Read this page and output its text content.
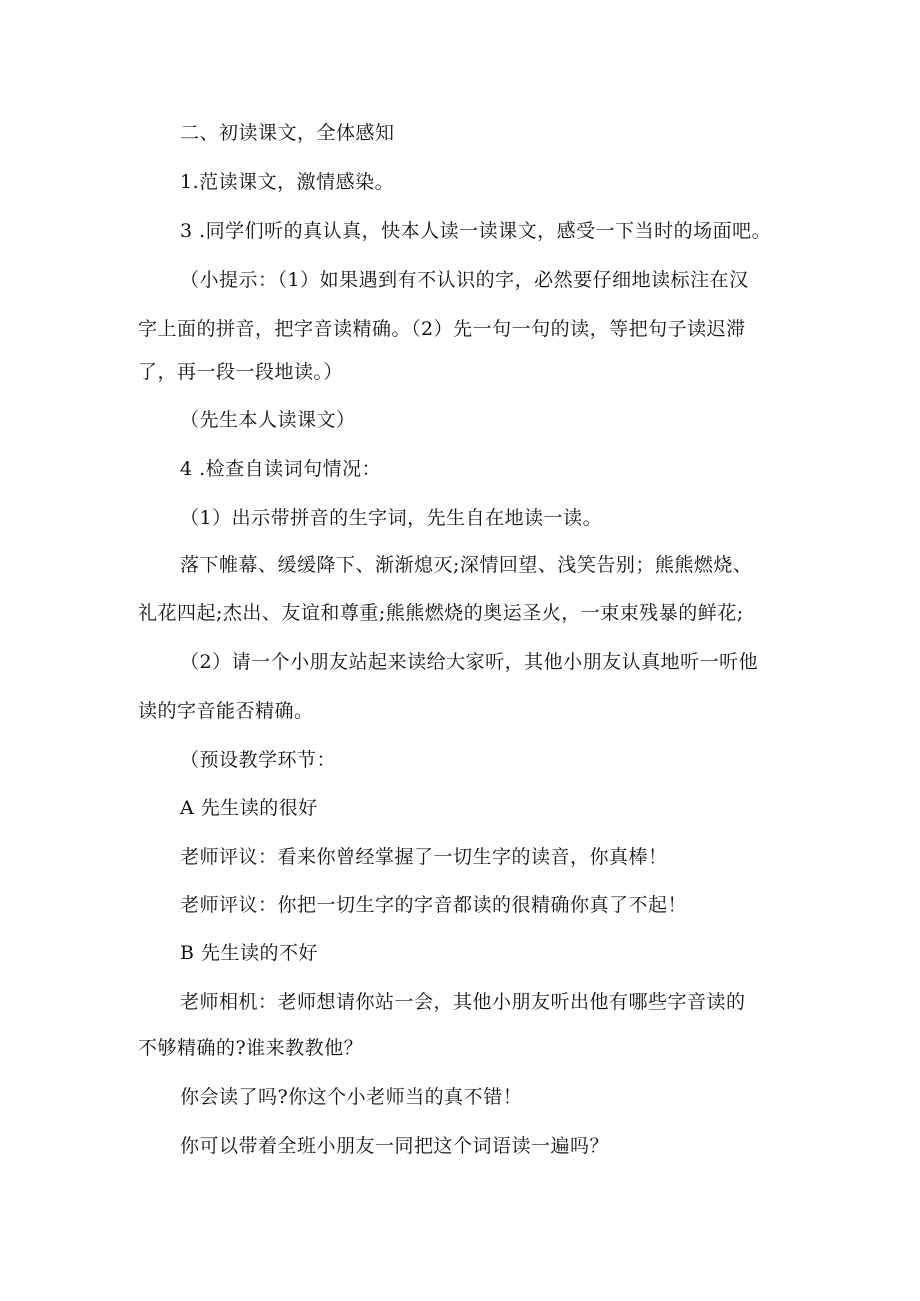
二、初读课文，全体感知
1.范读课文，激情感染。
3 .同学们听的真认真，快本人读一读课文，感受一下当时的场面吧。
（小提示：（1）如果遇到有不认识的字，必然要仔细地读标注在汉
字上面的拼音，把字音读精确。（2）先一句一句的读，等把句子读迟滞
了，再一段一段地读。）
（先生本人读课文）
4 .检查自读词句情况：
（1）出示带拼音的生字词，先生自在地读一读。
落下帷幕、缓缓降下、渐渐熄灭;深情回望、浅笑告别；熊熊燃烧、
礼花四起;杰出、友谊和尊重;熊熊燃烧的奥运圣火，一束束残暴的鲜花;
（2）请一个小朋友站起来读给大家听，其他小朋友认真地听一听他
读的字音能否精确。
（预设教学环节：
A 先生读的很好
老师评议：看来你曾经掌握了一切生字的读音，你真棒！
老师评议：你把一切生字的字音都读的很精确你真了不起！
B 先生读的不好
老师相机：老师想请你站一会，其他小朋友听出他有哪些字音读的
不够精确的?谁来教教他？
你会读了吗?你这个小老师当的真不错！
你可以带着全班小朋友一同把这个词语读一遍吗？
